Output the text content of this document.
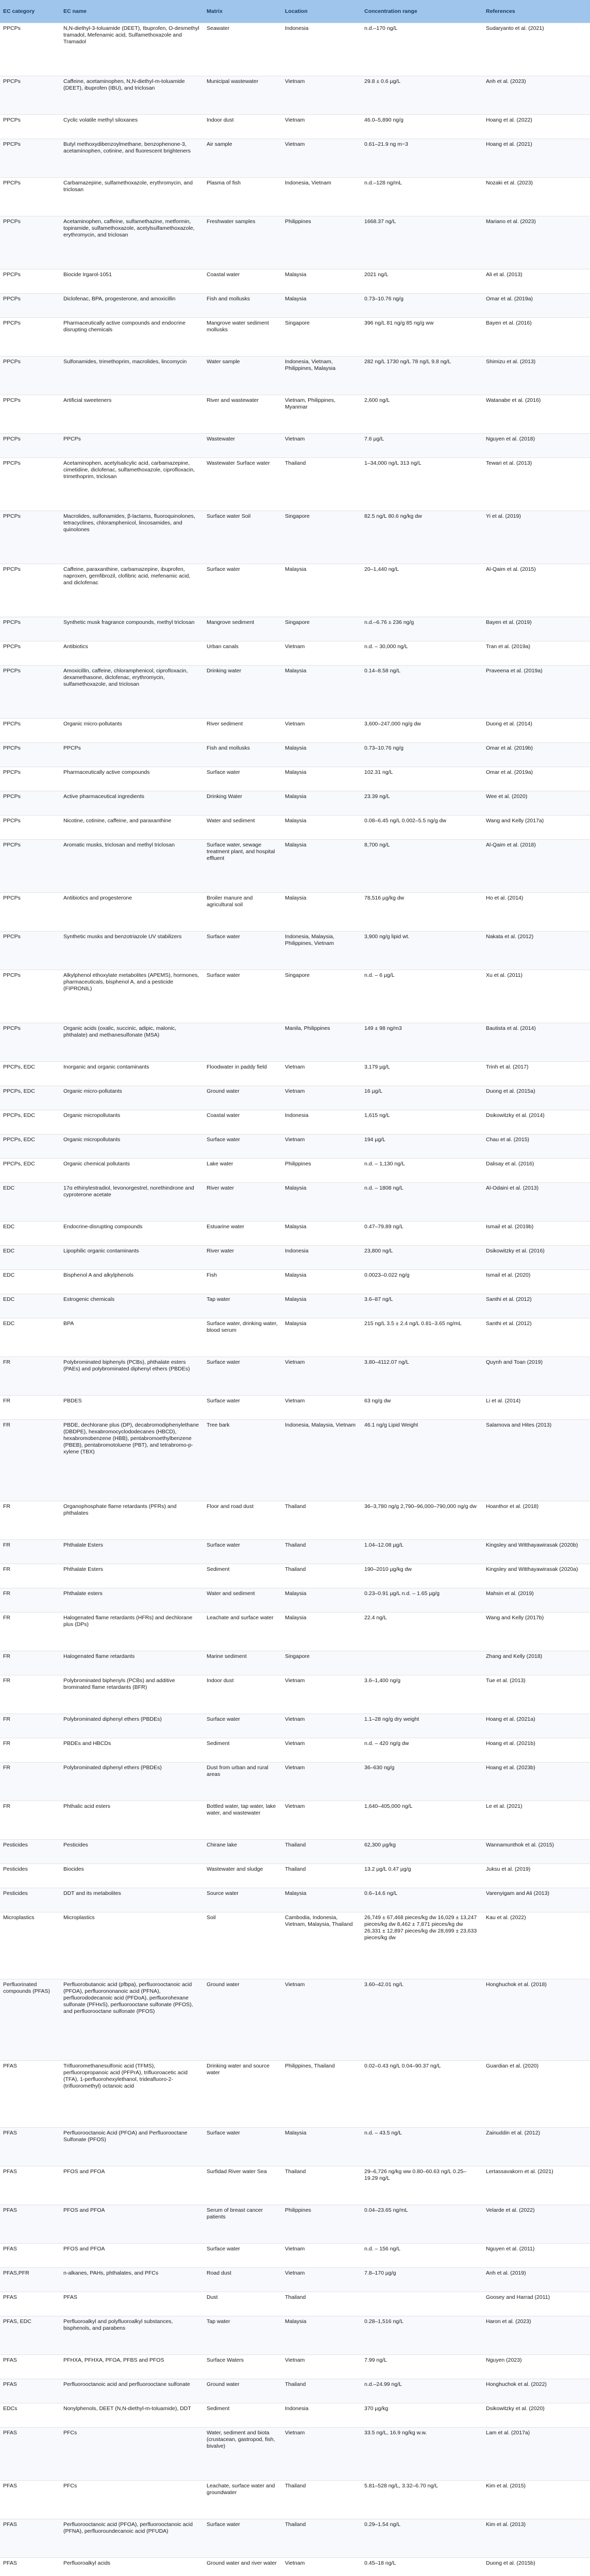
EC category	EC name	Matrix	Location	Concentration range	References
PPCPs	N,N-diethyl-3-toluamide (DEET), Ibuprofen, O-desmethyl tramadol, Mefenamic acid, Sulfamethoxazole and Tramadol	Seawater	Indonesia	n.d.–170 ng/L	Sudaryanto et al. (2021)
PPCPs	Caffeine, acetaminophen, N,N-diethyl-m-toluamide (DEET), ibuprofen (IBU), and triclosan	Municipal wastewater	Vietnam	29.8 ± 0.6 µg/L	Anh et al. (2023)
PPCPs	Cyclic volatile methyl siloxanes	Indoor dust	Vietnam	46.0–5,890 ng/g	Hoang et al. (2022)
PPCPs	Butyl methoxydibenzoylmethane, benzophenone-3, acetaminophen, cotinine, and fluorescent brighteners	Air sample	Vietnam	0.61–21.9 ng m−3	Hoang et al. (2021)
PPCPs	Carbamazepine, sulfamethoxazole, erythromycin, and triclosan	Plasma of fish	Indonesia, Vietnam	n.d.–128 ng/mL	Nozaki et al. (2023)
PPCPs	Acetaminophen, caffeine, sulfamethazine, metformin, topiramide, sulfamethoxazole, acetylsulfamethoxazole, erythromycin, and triclosan	Freshwater samples	Philippines	1668.37 ng/L	Mariano et al. (2023)
PPCPs	Biocide Irgarol-1051	Coastal water	Malaysia	2021 ng/L	Ali et al. (2013)
PPCPs	Diclofenac, BPA, progesterone, and amoxicillin	Fish and mollusks	Malaysia	0.73–10.76 ng/g	Omar et al. (2019a)
PPCPs	Pharmaceutically active compounds and endocrine disrupting chemicals	Mangrove water sediment mollusks	Singapore	396 ng/L 81 ng/g 85 ng/g ww	Bayen et al. (2016)
PPCPs	Sulfonamides, trimethoprim, macrolides, lincomycin	Water sample	Indonesia, Vietnam, Philippines, Malaysia	282 ng/L 1730 ng/L 78 ng/L 9.8 ng/L	Shimizu et al. (2013)
PPCPs	Artificial sweeteners	River and wastewater	Vietnam, Philippines, Myanmar	2,600 ng/L	Watanabe et al. (2016)
PPCPs	PPCPs	Wastewater	Vietnam	7.6 µg/L	Nguyen et al. (2018)
PPCPs	Acetaminophen, acetylsalicylic acid, carbamazepine, cimetidine, diclofenac, sulfamethoxazole, ciprofloxacin, trimethoprim, triclosan	Wastewater Surface water	Thailand	1–34,000 ng/L 313 ng/L	Tewari et al. (2013)
PPCPs	Macrolides, sulfonamides, β-lactams, fluoroquinolones, tetracyclines, chloramphenicol, lincosamides, and quinolones	Surface water Soil	Singapore	82.5 ng/L 80.6 ng/kg dw	Yi et al. (2019)
PPCPs	Caffeine, paraxanthine, carbamazepine, ibuprofen, naproxen, gemfibrozil, clofibric acid, mefenamic acid, and diclofenac	Surface water	Malaysia	20–1,440 ng/L	Al-Qaim et al. (2015)
PPCPs	Synthetic musk fragrance compounds, methyl triclosan	Mangrove sediment	Singapore	n.d.–6.76 ± 236 ng/g	Bayen et al. (2019)
PPCPs	Antibiotics	Urban canals	Vietnam	n.d. – 30,000 ng/L	Tran et al. (2019a)
PPCPs	Amoxicillin, caffeine, chloramphenicol, ciprofloxacin, dexamethasone, diclofenac, erythromycin, sulfamethoxazole, and triclosan	Drinking water	Malaysia	0.14–8.58 ng/L	Praveena et al. (2019a)
PPCPs	Organic micro-pollutants	River sediment	Vietnam	3,600–247,000 ng/g dw	Duong et al. (2014)
PPCPs	PPCPs	Fish and mollusks	Malaysia	0.73–10.76 ng/g	Omar et al. (2019b)
PPCPs	Pharmaceutically active compounds	Surface water	Malaysia	102.31 ng/L	Omar et al. (2019a)
PPCPs	Active pharmaceutical ingredients	Drinking Water	Malaysia	23.39 ng/L	Wee et al. (2020)
PPCPs	Nicotine, cotinine, caffeine, and paraxanthine	Water and sediment	Malaysia	0.08–6.45 ng/L 0.002–5.5 ng/g dw	Wang and Kelly (2017a)
PPCPs	Aromatic musks, triclosan and methyl triclosan	Surface water, sewage treatment plant, and hospital effluent	Malaysia	8,700 ng/L	Al-Qaim et al. (2018)
PPCPs	Antibiotics and progesterone	Broiler manure and agricultural soil	Malaysia	78,516 µg/kg dw	Ho et al. (2014)
PPCPs	Synthetic musks and benzotriazole UV stabilizers	Surface water	Indonesia, Malaysia, Philippines, Vietnam	3,900 ng/g lipid wt.	Nakata et al. (2012)
PPCPs	Alkylphenol ethoxylate metabolites (APEMS), hormones, pharmaceuticals, bisphenol A, and a pesticide (FIPRONIL)	Surface water	Singapore	n.d. – 6 µg/L	Xu et al. (2011)
PPCPs	Organic acids (oxalic, succinic, adipic, malonic, phthalate) and methanesulfonate (MSA)		Manila, Philippines	149 ± 98 ng/m3	Bautista et al. (2014)
PPCPs, EDC	Inorganic and organic contaminants	Floodwater in paddy field	Vietnam	3,179 µg/L	Trinh et al. (2017)
PPCPs, EDC	Organic micro-pollutants	Ground water	Vietnam	16 µg/L	Duong et al. (2015a)
PPCPs, EDC	Organic micropollutants	Coastal water	Indonesia	1,615 ng/L	Dsikowitzky et al. (2014)
PPCPs, EDC	Organic micropollutants	Surface water	Vietnam	194 µg/L	Chau et al. (2015)
PPCPs, EDC	Organic chemical pollutants	Lake water	Philippines	n.d. – 1,130 ng/L	Dalisay et al. (2016)
EDC	17α ethinylestradiol, levonorgestrel, norethindrone and cyproterone acetate	River water	Malaysia	n.d. – 1808 ng/L	Al-Odaini et al. (2013)
EDC	Endocrine-disrupting compounds	Estuarine water	Malaysia	0.47–79.89 ng/L	Ismail et al. (2019b)
EDC	Lipophilic organic contaminants	River water	Indonesia	23,800 ng/L	Dsikowitzky et al. (2016)
EDC	Bisphenol A and alkylphenols	Fish	Malaysia	0.0023–0.022 ng/g	Ismail et al. (2020)
EDC	Estrogenic chemicals	Tap water	Malaysia	3.6–87 ng/L	Santhi et al. (2012)
EDC	BPA	Surface water, drinking water, blood serum	Malaysia	215 ng/L 3.5 ± 2.4 ng/L 0.81–3.65 ng/mL	Santhi et al. (2012)
FR	Polybrominated biphenyls (PCBs), phthalate esters (PAEs) and polybrominated diphenyl ethers (PBDEs)	Surface water	Vietnam	3.80–4112.07 ng/L	Quynh and Toan (2019)
FR	PBDES	Surface water	Vietnam	63 ng/g dw	Li et al. (2014)
FR	PBDE, dechlorane plus (DP), decabromodiphenylethane (DBDPE), hexabromocyclododecanes (HBCD), hexabromobenzene (HBB), pentabromoethylbenzene (PBEB), pentabromotoluene (PBT), and tetrabromo-p-xylene (TBX)	Tree bark	Indonesia, Malaysia, Vietnam	46.1 ng/g Lipid Weight	Salamova and Hites (2013)
FR	Organophosphate flame retardants (PFRs) and phthalates	Floor and road dust	Thailand	36–3,780 ng/g 2,790–96,000–790,000 ng/g dw	Hoanthor et al. (2018)
FR	Phthalate Esters	Surface water	Thailand	1.04–12.08 µg/L	Kingsley and Witthayawirasak (2020b)
FR	Phthalate Esters	Sediment	Thailand	190–2010 µg/kg dw	Kingsley and Witthayawirasak (2020a)
FR	Phthalate esters	Water and sediment	Malaysia	0.23–0.91 µg/L n.d. – 1.65 µg/g	Mahsin et al. (2019)
FR	Halogenated flame retardants (HFRs) and dechlorane plus (DPs)	Leachate and surface water	Malaysia	22.4 ng/L	Wang and Kelly (2017b)
FR	Halogenated flame retardants	Marine sediment	Singapore		Zhang and Kelly (2018)
FR	Polybrominated biphenyls (PCBs) and additive brominated flame retardants (BFR)	Indoor dust	Vietnam	3.6–1,400 ng/g	Tue et al. (2013)
FR	Polybrominated diphenyl ethers (PBDEs)	Surface water	Vietnam	1.1–28 ng/g dry weight	Hoang et al. (2021a)
FR	PBDEs and HBCDs	Sediment	Vietnam	n.d. – 420 ng/g dw	Hoang et al. (2021b)
FR	Polybrominated diphenyl ethers (PBDEs)	Dust from urban and rural areas	Vietnam	36–630 ng/g	Hoang et al. (2023b)
FR	Phthalic acid esters	Bottled water, tap water, lake water, and wastewater	Vietnam	1,640–405,000 ng/L	Le et al. (2021)
Pesticides	Pesticides	Chirane lake	Thailand	62,300 µg/kg	Wannamunthok et al. (2015)
Pesticides	Biocides	Wastewater and sludge	Thailand	13.2 µg/L 0.47 µg/g	Juksu et al. (2019)
Pesticides	DDT and its metabolites	Source water	Malaysia	0.6–14.6 ng/L	Varenyigam and Ali (2013)
Microplastics	Microplastics	Soil	Cambodia, Indonesia, Vietnam, Malaysia, Thailand	26,749 ± 67,468 pieces/kg dw 16,029 ± 13,247 pieces/kg dw 8,462 ± 7,871 pieces/kg dw 26,331 ± 12,897 pieces/kg dw 28,699 ± 23,633 pieces/kg dw	Kau et al. (2022)
Perfluorinated compounds (PFAS)	Perfluorobutanoic acid (pfbpa), perfluorooctanoic acid (PFOA), perfluorononanoic acid (PFNA), perfluorododecanoic acid (PFDoA), perfluorohexane sulfonate (PFHxS), perfluorooctane sulfonate (PFOS), and perfluorooctane sulfonate (PFOS)	Ground water	Vietnam	3.60–42.01 ng/L	Honghuchok et al. (2018)
PFAS	Trifluoromethanesulfonic acid (TFMS), perfluoropropanoic acid (PFPrA), trifluoroacetic acid (TFA), 1-perfluorohexylethanol, trideafluoro-2-(trifluoromethyl) octanoic acid	Drinking water and source water	Philippines, Thailand	0.02–0.43 ng/L 0.04–90.37 ng/L	Guardian et al. (2020)
PFAS	Perfluorooctanoic Acid (PFOA) and Perfluorooctane Sulfonate (PFOS)	Surface water	Malaysia	n.d. – 43.5 ng/L	Zainuddin et al. (2012)
PFAS	PFOS and PFOA	Surfidad River water Sea	Thailand	29–6,726 ng/kg ww 0.80–60.63 ng/L 0.25–19.29 ng/L	Lertassavakorn et al. (2021)
PFAS	PFOS and PFOA	Serum of breast cancer patients	Philippines	0.04–23.65 ng/mL	Velarde et al. (2022)
PFAS	PFOS and PFOA	Surface water	Vietnam	n.d. – 156 ng/L	Nguyen et al. (2011)
PFAS,PFR	n-alkanes, PAHs, phthalates, and PFCs	Road dust	Vietnam	7.8–170 µg/g	Anh et al. (2019)
PFAS	PFAS	Dust	Thailand		Goosey and Harrad (2011)
PFAS, EDC	Perfluoroalkyl and polyfluoroalkyl substances, bisphenols, and parabens	Tap water	Malaysia	0.28–1,516 ng/L	Haron et al. (2023)
PFAS	PFHXA, PFHXA, PFOA, PFBS and PFOS	Surface Waters	Vietnam	7.99 ng/L	Nguyen (2023)
PFAS	Perfluorooctanoic acid and perfluorooctane sulfonate	Ground water	Thailand	n.d.–24.99 ng/L	Honghuchok et al. (2022)
EDCs	Nonylphenols, DEET (N,N-diethyl-m-toluamide), DDT	Sediment	Indonesia	370 µg/kg	Dsikowitzky et al. (2020)
PFAS	PFCs	Water, sediment and biota (crustacean, gastropod, fish, bivalve)	Vietnam	33.5 ng/L, 16.9 ng/kg w.w.	Lam et al. (2017a)
PFAS	PFCs	Leachate, surface water and groundwater	Thailand	5.81–528 ng/L, 3.32–6.70 ng/L	Kim et al. (2015)
PFAS	Perfluorooctanoic acid (PFOA), perfluorooctanoic acid (PFNA), perfluoroundecanoic acid (PFUDA)	Surface water	Thailand	0.29–1.54 ng/L	Kim et al. (2013)
PFAS	Perfluoroalkyl acids	Ground water and river water	Vietnam	0.45–18 ng/L	Duong et al. (2015b)
